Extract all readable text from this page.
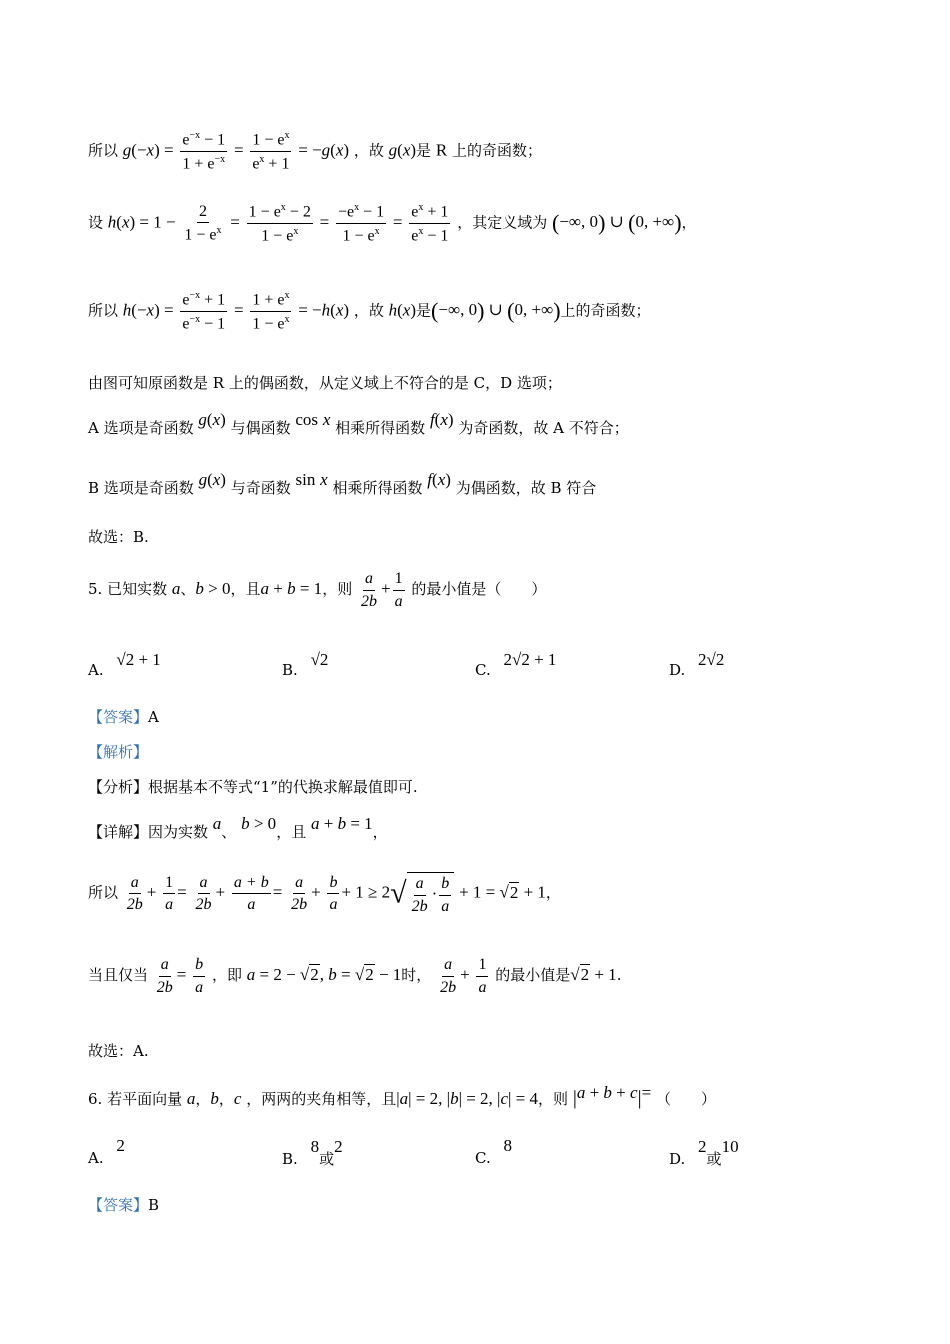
所以 $g(-x) = \frac{e^{-x} - 1}{1 + e^{-x}} = \frac{1 - e^x}{e^x + 1} = -g(x)$ ，故 g(x)是 R 上的奇函数；
设 $h(x) = 1 - \frac{2}{1 - e^x} = \frac{1 - e^x - 2}{1 - e^x} = \frac{-e^x - 1}{1 - e^x} = \frac{e^x + 1}{e^x - 1}$ ，其定义域为 (−∞, 0) ∪ (0, +∞)，
所以 $h(-x) = \frac{e^{-x} + 1}{e^{-x} - 1} = \frac{1 + e^x}{1 - e^x} = -h(x)$ ，故 h(x)是(−∞, 0) ∪ (0, +∞)上的奇函数；
由图可知原函数是 R 上的偶函数，从定义域上不符合的是 C，D 选项；
A 选项是奇函数 g(x) 与偶函数 cos x 相乘所得函数 f(x) 为奇函数，故 A 不符合；
B 选项是奇函数 g(x) 与奇函数 sin x 相乘所得函数 f(x) 为偶函数，故 B 符合
故选：B.
5. 已知实数 a、b > 0，且a + b = 1，则 $\frac{a}{2b} + \frac{1}{a}$ 的最小值是（　　）
A. √2 + 1
B. √2
C. 2√2 + 1
D. 2√2
【答案】A
【解析】
【分析】根据基本不等式“1”的代换求解最值即可.
【详解】因为实数 a、 b > 0，且 a + b = 1，
所以 $\frac{a}{2b} + \frac{1}{a} = \frac{a}{2b} + \frac{a + b}{a} = \frac{a}{2b} + \frac{b}{a} + 1 \ge 2√ \frac{a}{2b} \cdot \frac{b}{a} + 1 = √2 + 1$，
当且仅当 $\frac{a}{2b} = \frac{b}{a}$ ，即 a = 2 − √2, b = √2 − 1时， $\frac{a}{2b} + \frac{1}{a}$ 的最小值是√2 + 1.
故选：A.
6. 若平面向量 a，b，c ，两两的夹角相等，且|a| = 2, |b| = 2, |c| = 4，则 |a + b + c|= （　　）
A. 2
B. 8或2
C. 8
D. 2或10
【答案】B
